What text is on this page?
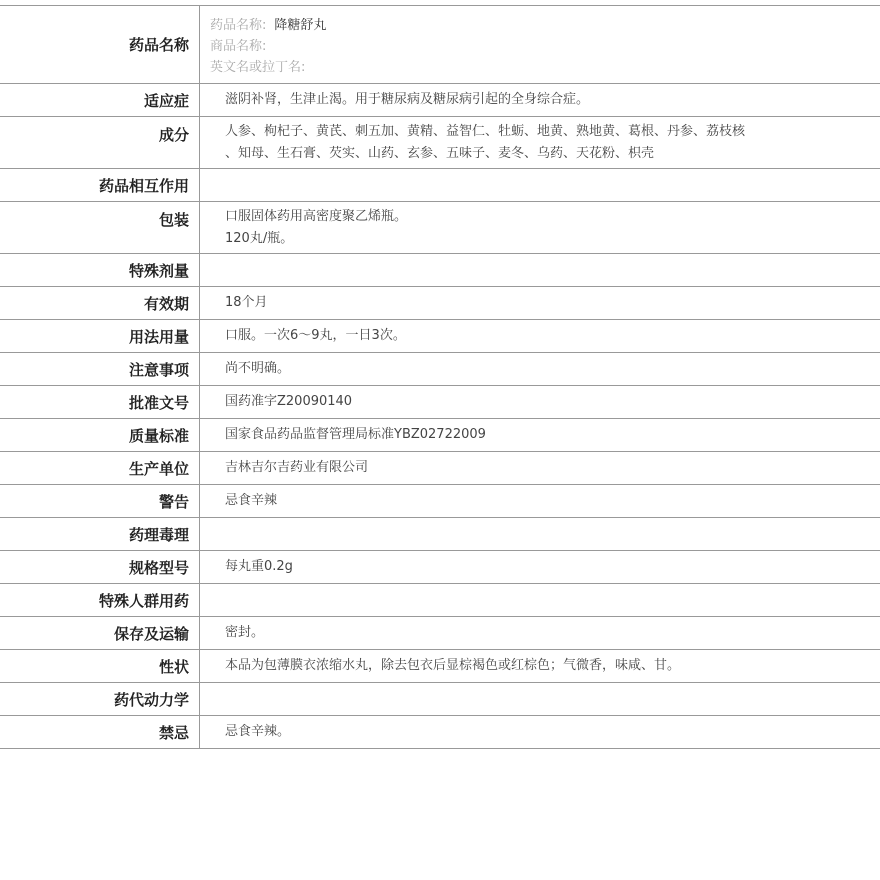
药品名称
药品名称: 降糖舒丸
商品名称:
英文名或拉丁名:
适应症	滋阴补肾，生津止渴。用于糖尿病及糖尿病引起的全身综合症。
成分	人参、枸杞子、黄芪、刺五加、黄精、益智仁、牡蛎、地黄、熟地黄、葛根、丹参、荔枝核
、知母、生石膏、芡实、山药、玄参、五味子、麦冬、乌药、天花粉、枳壳
药品相互作用
包装	口服固体药用高密度聚乙烯瓶。
120丸/瓶。
特殊剂量
有效期	18个月
用法用量	口服。一次6～9丸，一日3次。
注意事项	尚不明确。
批准文号	国药准字Z20090140
质量标准	国家食品药品监督管理局标准YBZ02722009
生产单位	吉林吉尔吉药业有限公司
警告	忌食辛辣
药理毒理
规格型号	每丸重0.2g
特殊人群用药
保存及运输	密封。
性状	本品为包薄膜衣浓缩水丸，除去包衣后显棕褐色或红棕色；气微香，味咸、甘。
药代动力学
禁忌	忌食辛辣。
